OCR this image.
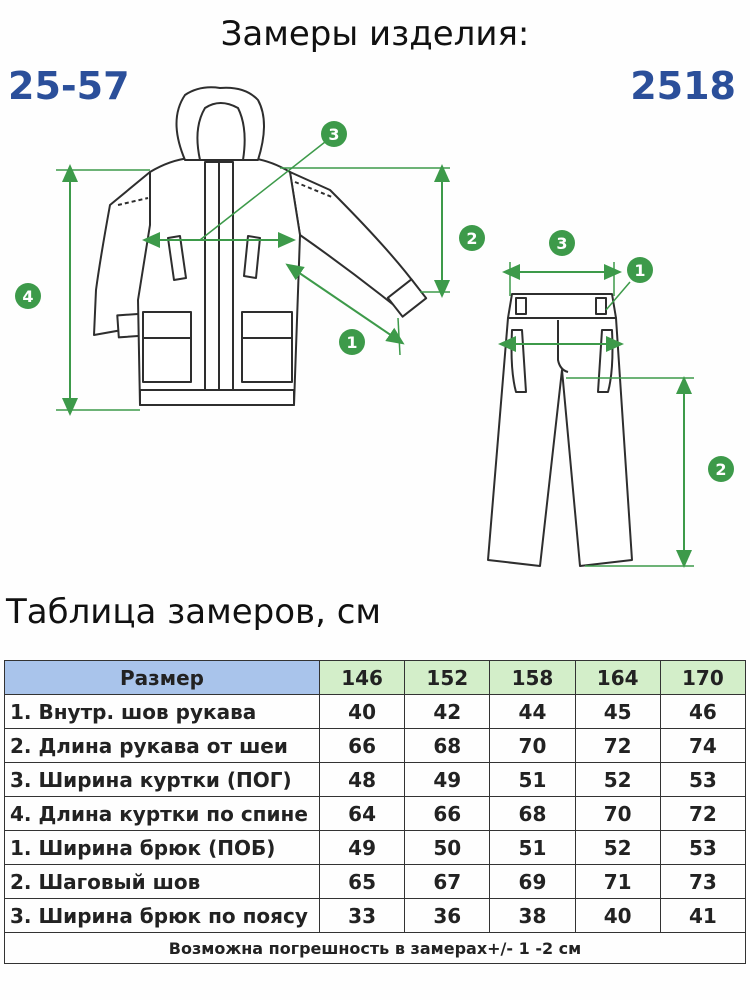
Замеры изделия:
25-57	2518
4
2
3
1
3
1
2
Таблица замеров, см
Размер	146	152	158	164	170
1. Внутр. шов рукава	40	42	44	45	46
2. Длина рукава от шеи	66	68	70	72	74
3. Ширина куртки (ПОГ)	48	49	51	52	53
4. Длина куртки по спине	64	66	68	70	72
1. Ширина брюк (ПОБ)	49	50	51	52	53
2. Шаговый шов	65	67	69	71	73
3. Ширина брюк по поясу	33	36	38	40	41
Возможна погрешность в замерах+/- 1 -2 см					
